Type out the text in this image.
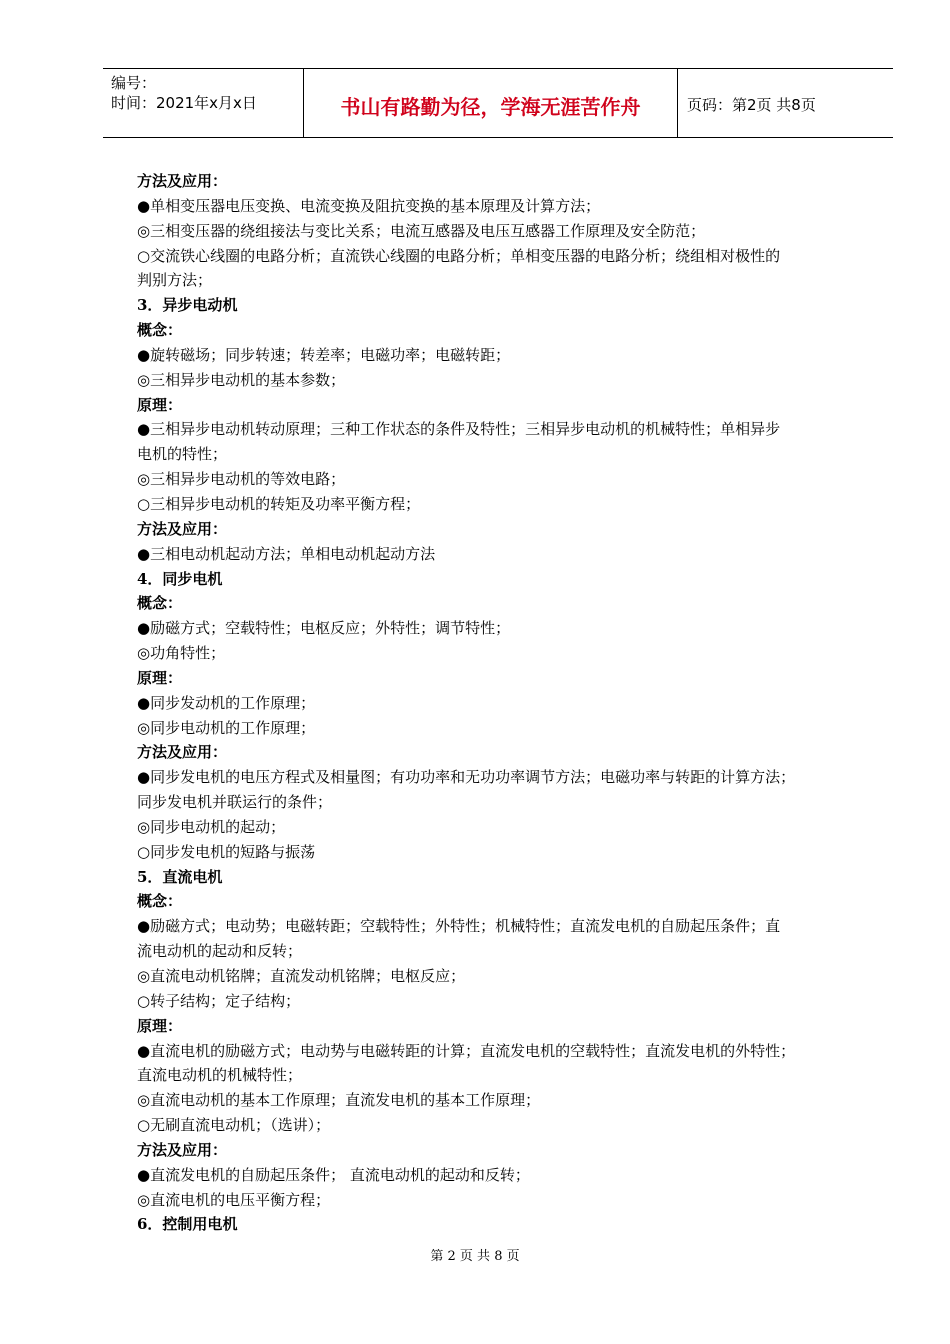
编号：
时间：2021年x月x日	书山有路勤为径，学海无涯苦作舟	页码：第2页 共8页
方法及应用：
●单相变压器电压变换、电流变换及阻抗变换的基本原理及计算方法；
◎三相变压器的绕组接法与变比关系；电流互感器及电压互感器工作原理及安全防范；
○交流铁心线圈的电路分析；直流铁心线圈的电路分析；单相变压器的电路分析；绕组相对极性的
判别方法；
3．异步电动机
概念：
●旋转磁场；同步转速；转差率；电磁功率；电磁转距；
◎三相异步电动机的基本参数；
原理：
●三相异步电动机转动原理；三种工作状态的条件及特性；三相异步电动机的机械特性；单相异步
电机的特性；
◎三相异步电动机的等效电路；
○三相异步电动机的转矩及功率平衡方程；
方法及应用：
●三相电动机起动方法；单相电动机起动方法
4．同步电机
概念：
●励磁方式；空载特性；电枢反应；外特性；调节特性；
◎功角特性；
原理：
●同步发动机的工作原理；
◎同步电动机的工作原理；
方法及应用：
●同步发电机的电压方程式及相量图；有功功率和无功功率调节方法；电磁功率与转距的计算方法；
同步发电机并联运行的条件；
◎同步电动机的起动；
○同步发电机的短路与振荡
5．直流电机
概念：
●励磁方式；电动势；电磁转距；空载特性；外特性；机械特性；直流发电机的自励起压条件；直
流电动机的起动和反转；
◎直流电动机铭牌；直流发动机铭牌；电枢反应；
○转子结构；定子结构；
原理：
●直流电机的励磁方式；电动势与电磁转距的计算；直流发电机的空载特性；直流发电机的外特性；
直流电动机的机械特性；
◎直流电动机的基本工作原理；直流发电机的基本工作原理；
○无刷直流电动机；（选讲）；
方法及应用：
●直流发电机的自励起压条件； 直流电动机的起动和反转；
◎直流电机的电压平衡方程；
6．控制用电机
第 2 页 共 8 页
